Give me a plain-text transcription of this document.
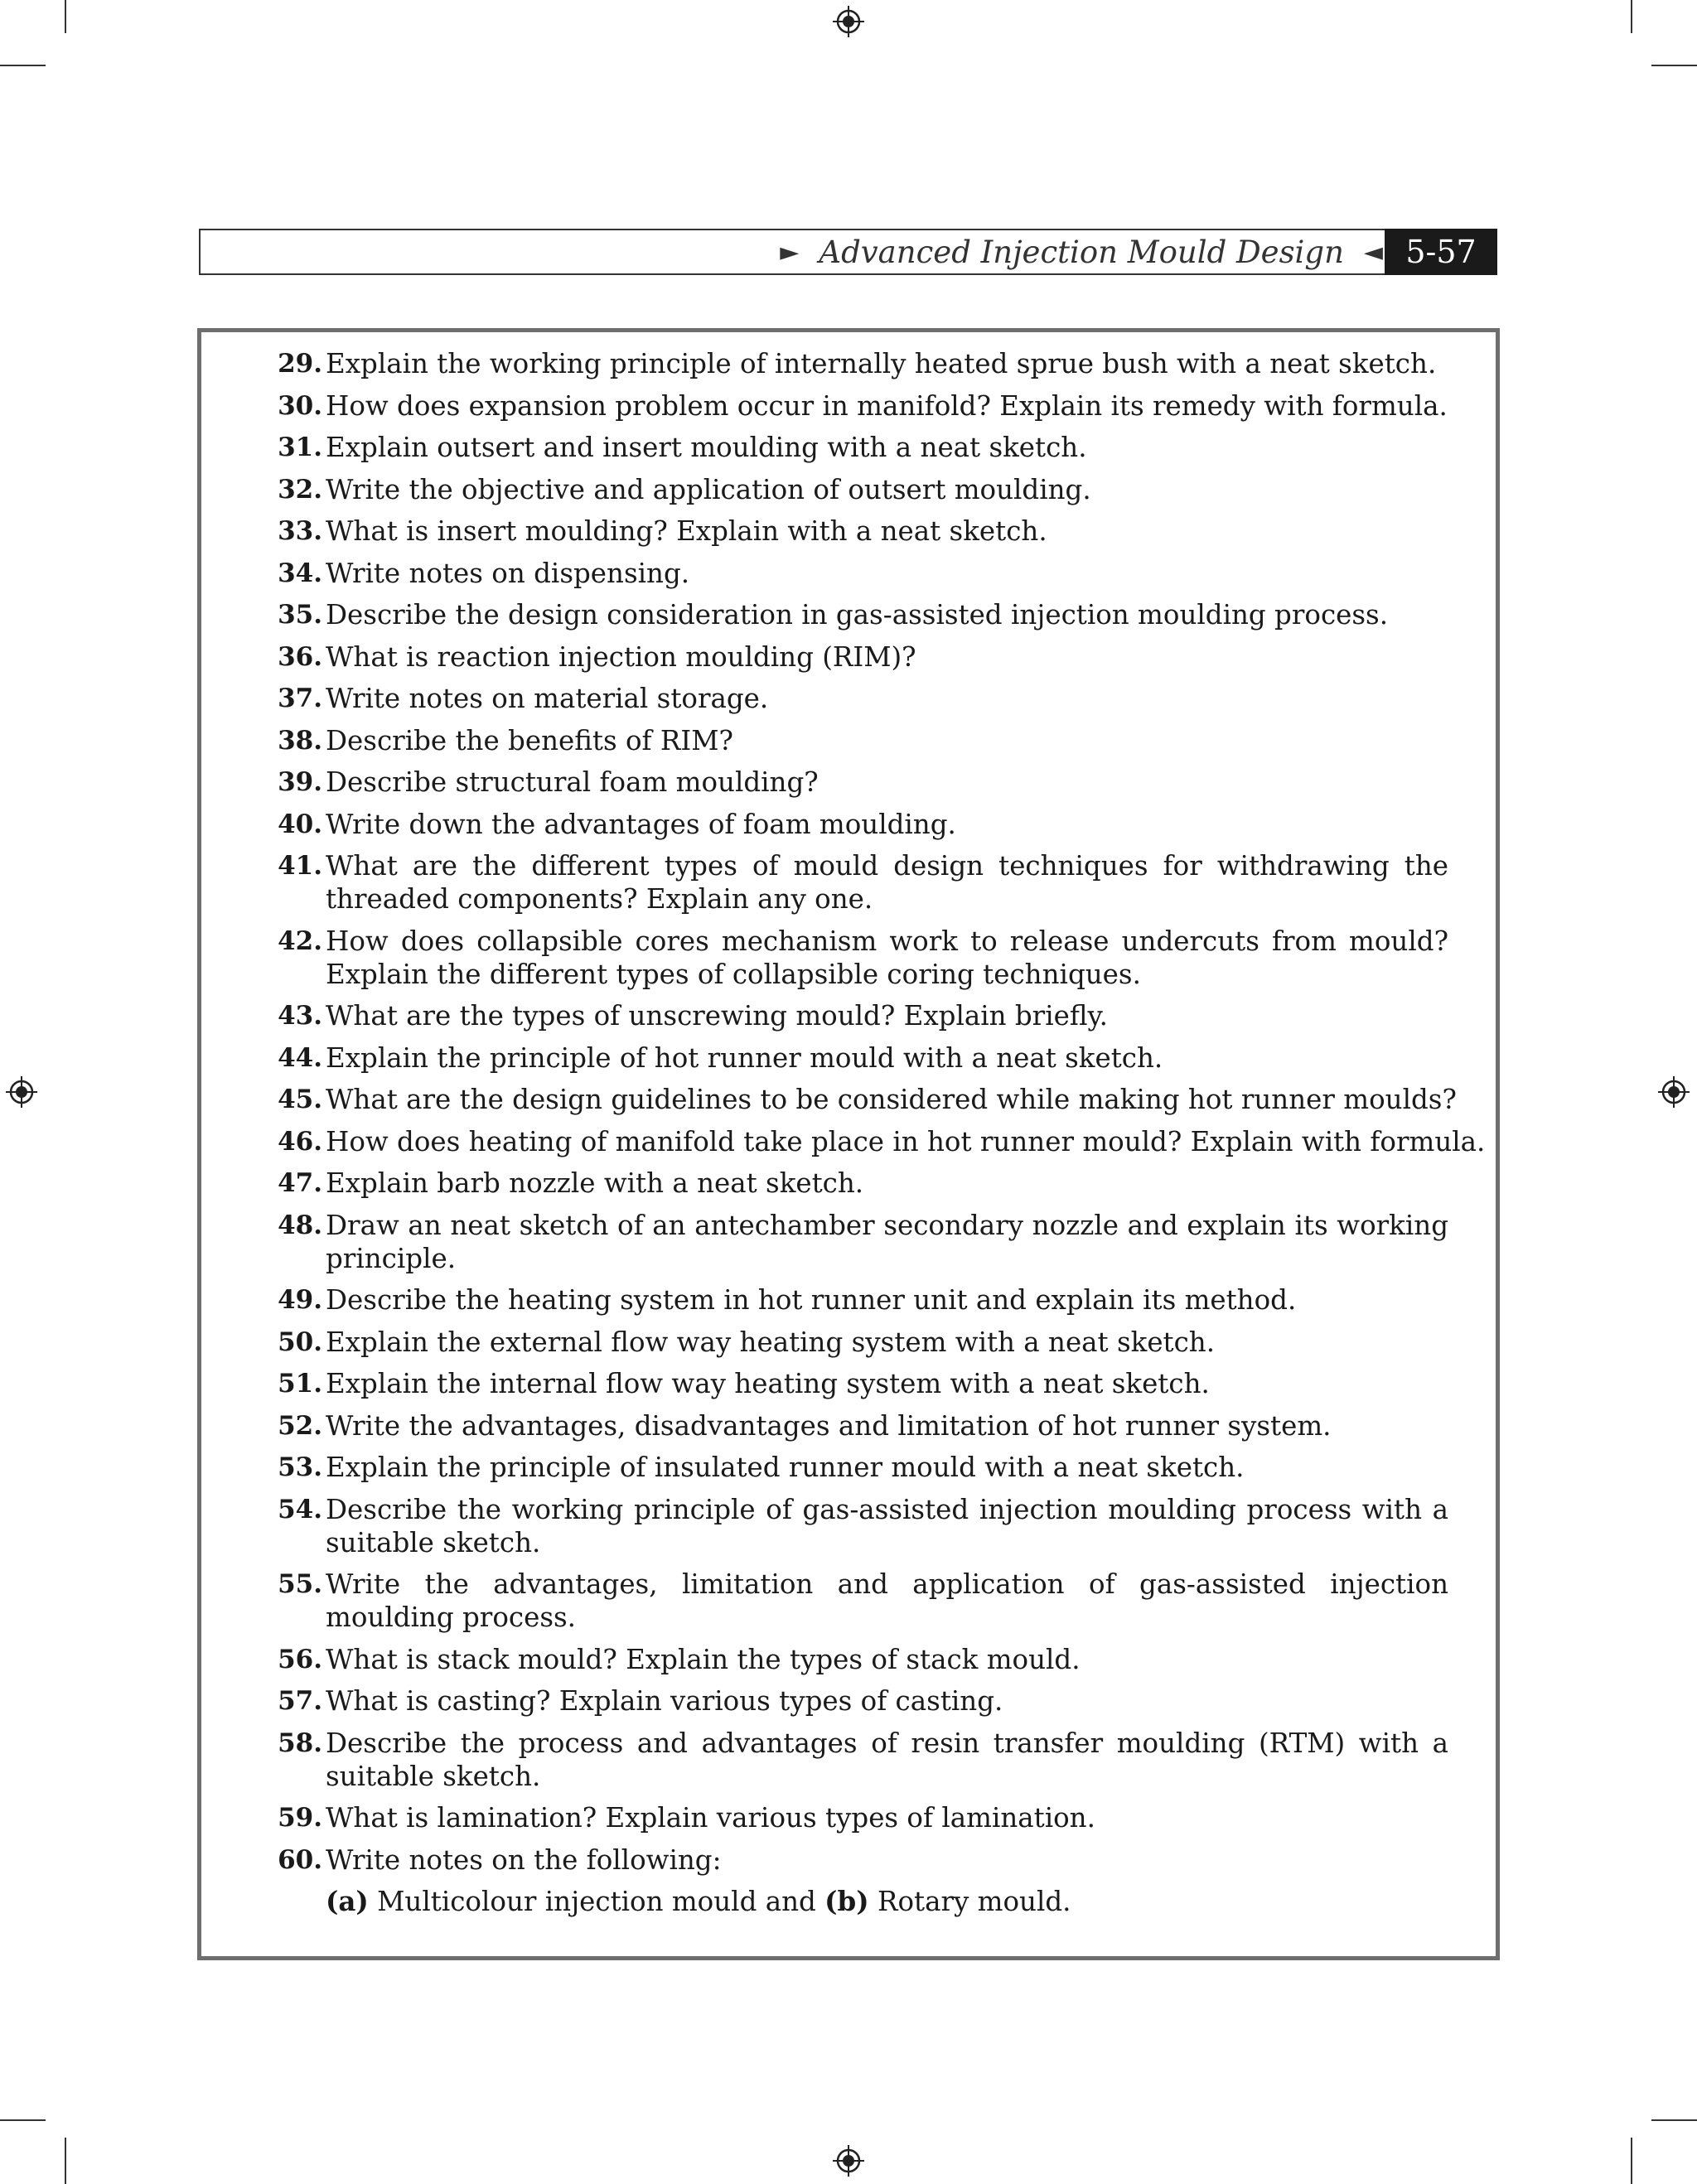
► Advanced Injection Mould Design ◄ 5-57
29. Explain the working principle of internally heated sprue bush with a neat sketch.
30. How does expansion problem occur in manifold? Explain its remedy with formula.
31. Explain outsert and insert moulding with a neat sketch.
32. Write the objective and application of outsert moulding.
33. What is insert moulding? Explain with a neat sketch.
34. Write notes on dispensing.
35. Describe the design consideration in gas-assisted injection moulding process.
36. What is reaction injection moulding (RIM)?
37. Write notes on material storage.
38. Describe the benefits of RIM?
39. Describe structural foam moulding?
40. Write down the advantages of foam moulding.
41. What are the different types of mould design techniques for withdrawing the threaded components? Explain any one.
42. How does collapsible cores mechanism work to release undercuts from mould? Explain the different types of collapsible coring techniques.
43. What are the types of unscrewing mould? Explain briefly.
44. Explain the principle of hot runner mould with a neat sketch.
45. What are the design guidelines to be considered while making hot runner moulds?
46. How does heating of manifold take place in hot runner mould? Explain with formula.
47. Explain barb nozzle with a neat sketch.
48. Draw an neat sketch of an antechamber secondary nozzle and explain its working principle.
49. Describe the heating system in hot runner unit and explain its method.
50. Explain the external flow way heating system with a neat sketch.
51. Explain the internal flow way heating system with a neat sketch.
52. Write the advantages, disadvantages and limitation of hot runner system.
53. Explain the principle of insulated runner mould with a neat sketch.
54. Describe the working principle of gas-assisted injection moulding process with a suitable sketch.
55. Write the advantages, limitation and application of gas-assisted injection moulding process.
56. What is stack mould? Explain the types of stack mould.
57. What is casting? Explain various types of casting.
58. Describe the process and advantages of resin transfer moulding (RTM) with a suitable sketch.
59. What is lamination? Explain various types of lamination.
60. Write notes on the following:
(a) Multicolour injection mould and (b) Rotary mould.
